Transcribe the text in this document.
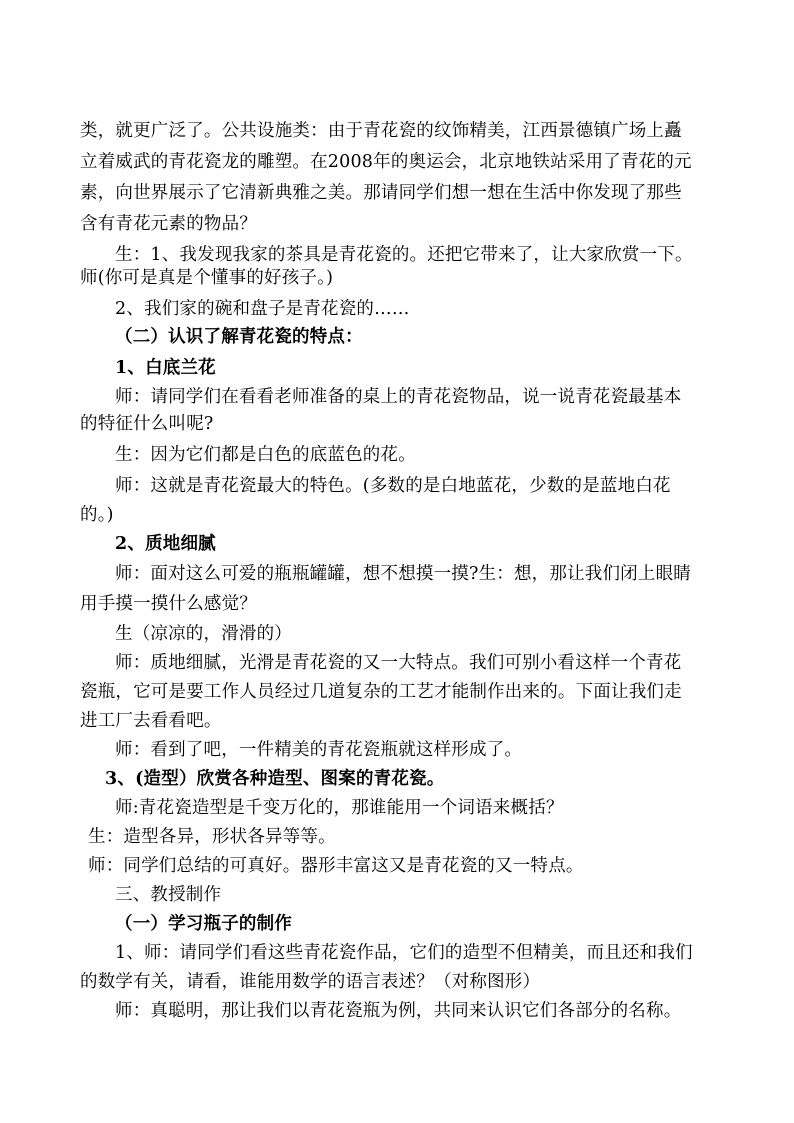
类，就更广泛了。公共设施类：由于青花瓷的纹饰精美，江西景德镇广场上矗
立着威武的青花瓷龙的雕塑。在2008年的奥运会，北京地铁站采用了青花的元
素，向世界展示了它清新典雅之美。那请同学们想一想在生活中你发现了那些
含有青花元素的物品？
生：1、我发现我家的茶具是青花瓷的。还把它带来了，让大家欣赏一下。
师(你可是真是个懂事的好孩子。)
2、我们家的碗和盘子是青花瓷的……
（二）认识了解青花瓷的特点：
1、白底兰花
师：请同学们在看看老师准备的桌上的青花瓷物品，说一说青花瓷最基本
的特征什么叫呢?
生：因为它们都是白色的底蓝色的花。
师：这就是青花瓷最大的特色。(多数的是白地蓝花，少数的是蓝地白花
的。)
2、质地细腻
师：面对这么可爱的瓶瓶罐罐，想不想摸一摸?生：想，那让我们闭上眼睛
用手摸一摸什么感觉？
生（凉凉的，滑滑的）
师：质地细腻，光滑是青花瓷的又一大特点。我们可别小看这样一个青花
瓷瓶，它可是要工作人员经过几道复杂的工艺才能制作出来的。下面让我们走
进工厂去看看吧。
师：看到了吧，一件精美的青花瓷瓶就这样形成了。
3、(造型）欣赏各种造型、图案的青花瓷。
师:青花瓷造型是千变万化的，那谁能用一个词语来概括？
生：造型各异，形状各异等等。
师：同学们总结的可真好。器形丰富这又是青花瓷的又一特点。
三、教授制作
（一）学习瓶子的制作
1、师：请同学们看这些青花瓷作品，它们的造型不但精美，而且还和我们
的数学有关，请看，谁能用数学的语言表述？（对称图形）
师：真聪明，那让我们以青花瓷瓶为例，共同来认识它们各部分的名称。
